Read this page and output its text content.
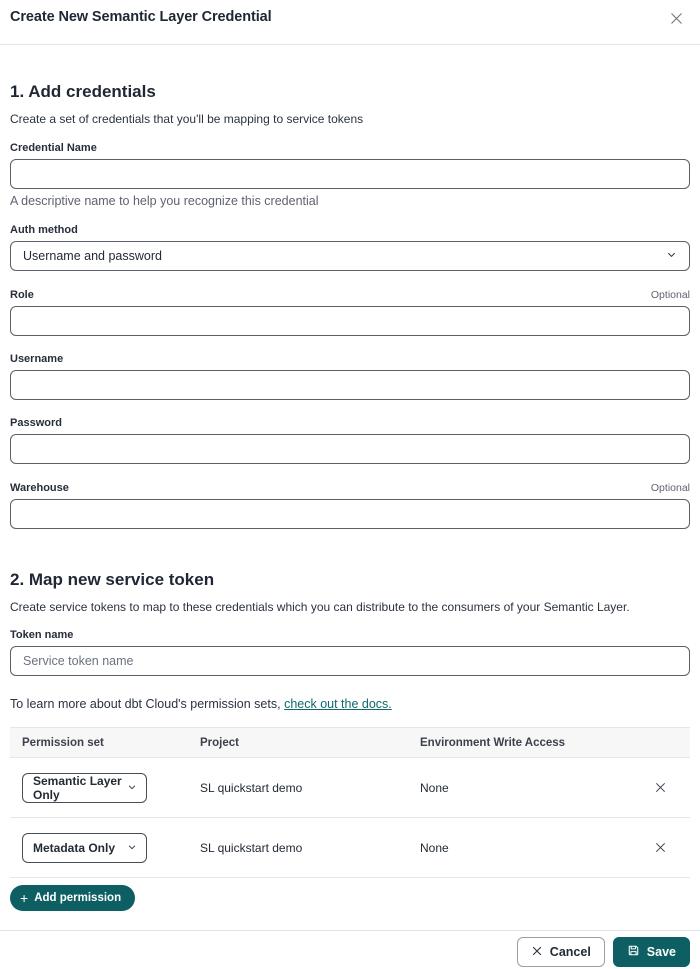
Create New Semantic Layer Credential
1. Add credentials
Create a set of credentials that you'll be mapping to service tokens
Credential Name
A descriptive name to help you recognize this credential
Auth method
Username and password
Role	Optional
Username
Password
Warehouse	Optional
2. Map new service token
Create service tokens to map to these credentials which you can distribute to the consumers of your Semantic Layer.
Token name
Service token name
To learn more about dbt Cloud's permission sets, check out the docs.
Permission set	Project	Environment Write Access
Semantic Layer Only	SL quickstart demo	None
Metadata Only	SL quickstart demo	None
+ Add permission
Cancel	Save
